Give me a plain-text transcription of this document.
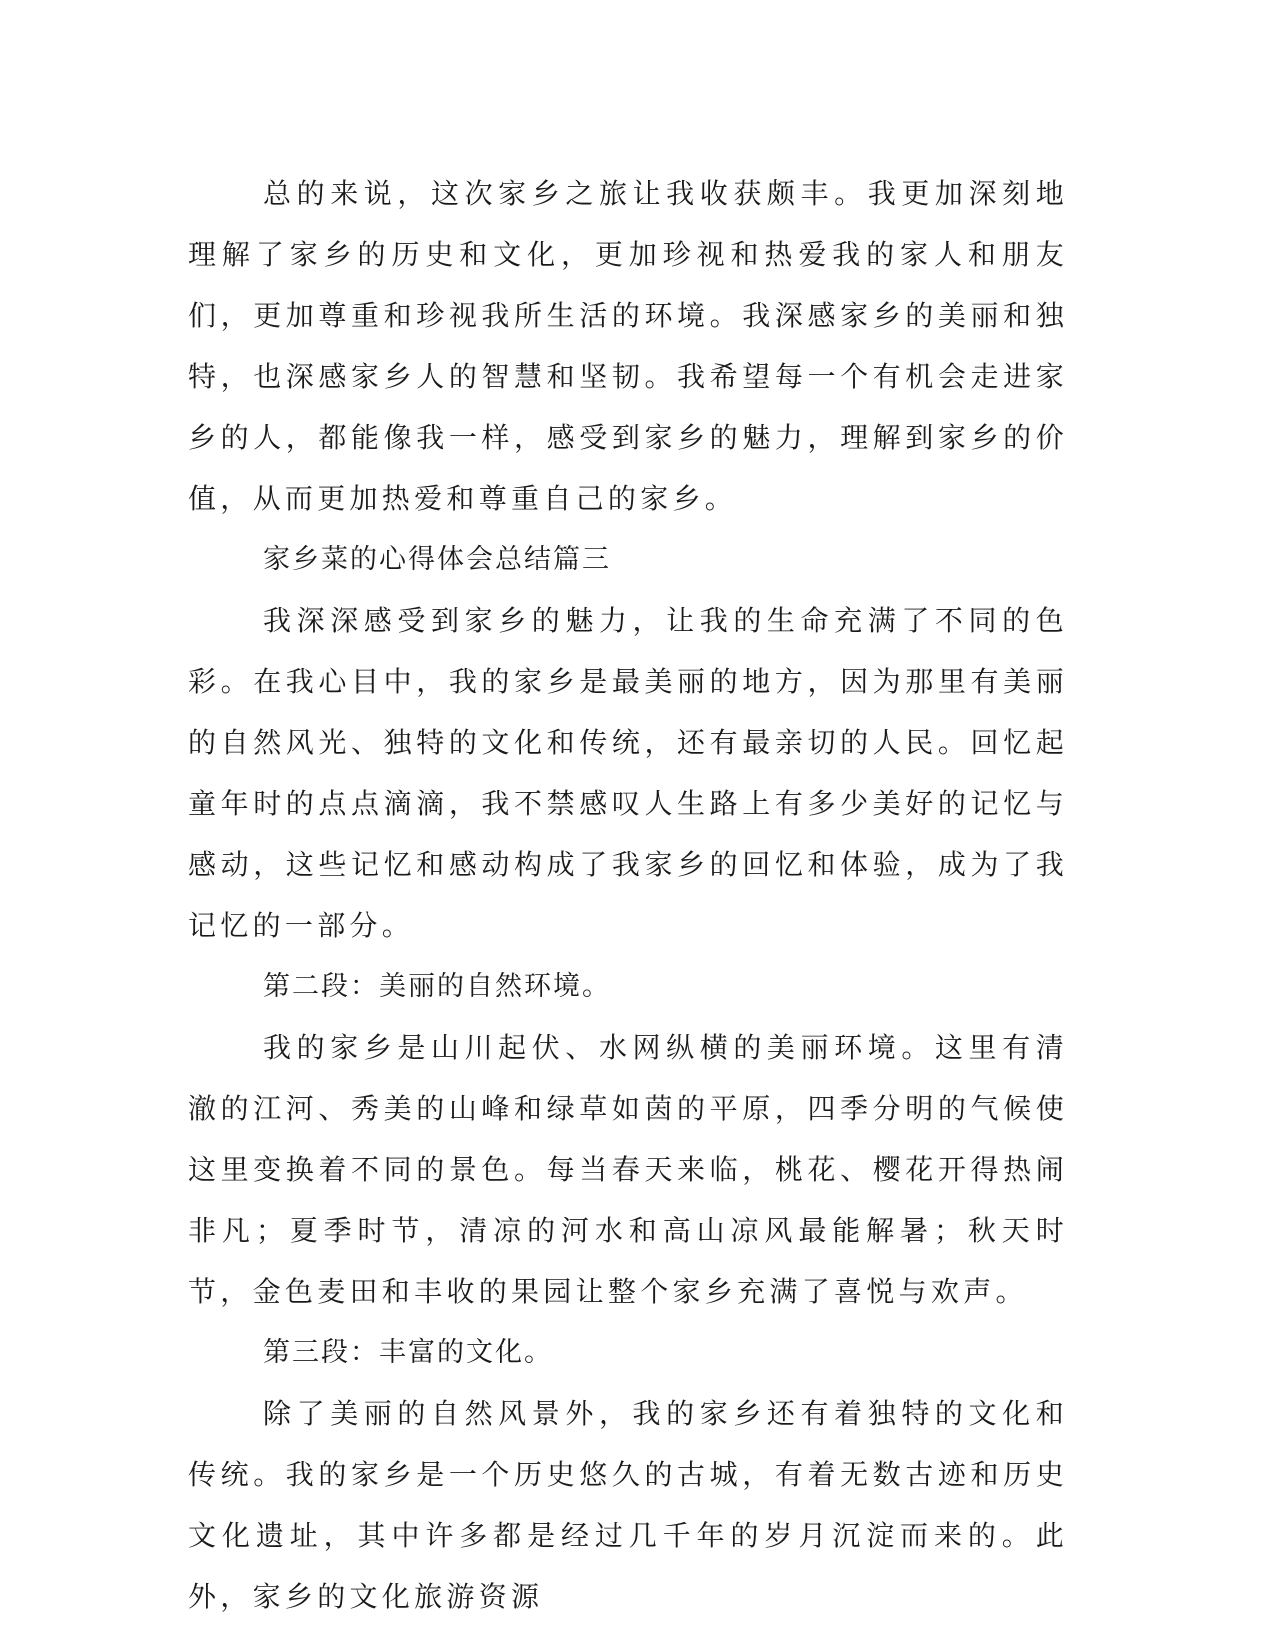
总的来说，这次家乡之旅让我收获颇丰。我更加深刻地理解了家乡的历史和文化，更加珍视和热爱我的家人和朋友们，更加尊重和珍视我所生活的环境。我深感家乡的美丽和独特，也深感家乡人的智慧和坚韧。我希望每一个有机会走进家乡的人，都能像我一样，感受到家乡的魅力，理解到家乡的价值，从而更加热爱和尊重自己的家乡。

家乡菜的心得体会总结篇三

我深深感受到家乡的魅力，让我的生命充满了不同的色彩。在我心目中，我的家乡是最美丽的地方，因为那里有美丽的自然风光、独特的文化和传统，还有最亲切的人民。回忆起童年时的点点滴滴，我不禁感叹人生路上有多少美好的记忆与感动，这些记忆和感动构成了我家乡的回忆和体验，成为了我记忆的一部分。

第二段：美丽的自然环境。

我的家乡是山川起伏、水网纵横的美丽环境。这里有清澈的江河、秀美的山峰和绿草如茵的平原，四季分明的气候使这里变换着不同的景色。每当春天来临，桃花、樱花开得热闹非凡；夏季时节，清凉的河水和高山凉风最能解暑；秋天时节，金色麦田和丰收的果园让整个家乡充满了喜悦与欢声。

第三段：丰富的文化。

除了美丽的自然风景外，我的家乡还有着独特的文化和传统。我的家乡是一个历史悠久的古城，有着无数古迹和历史文化遗址，其中许多都是经过几千年的岁月沉淀而来的。此外，家乡的文化旅游资源
